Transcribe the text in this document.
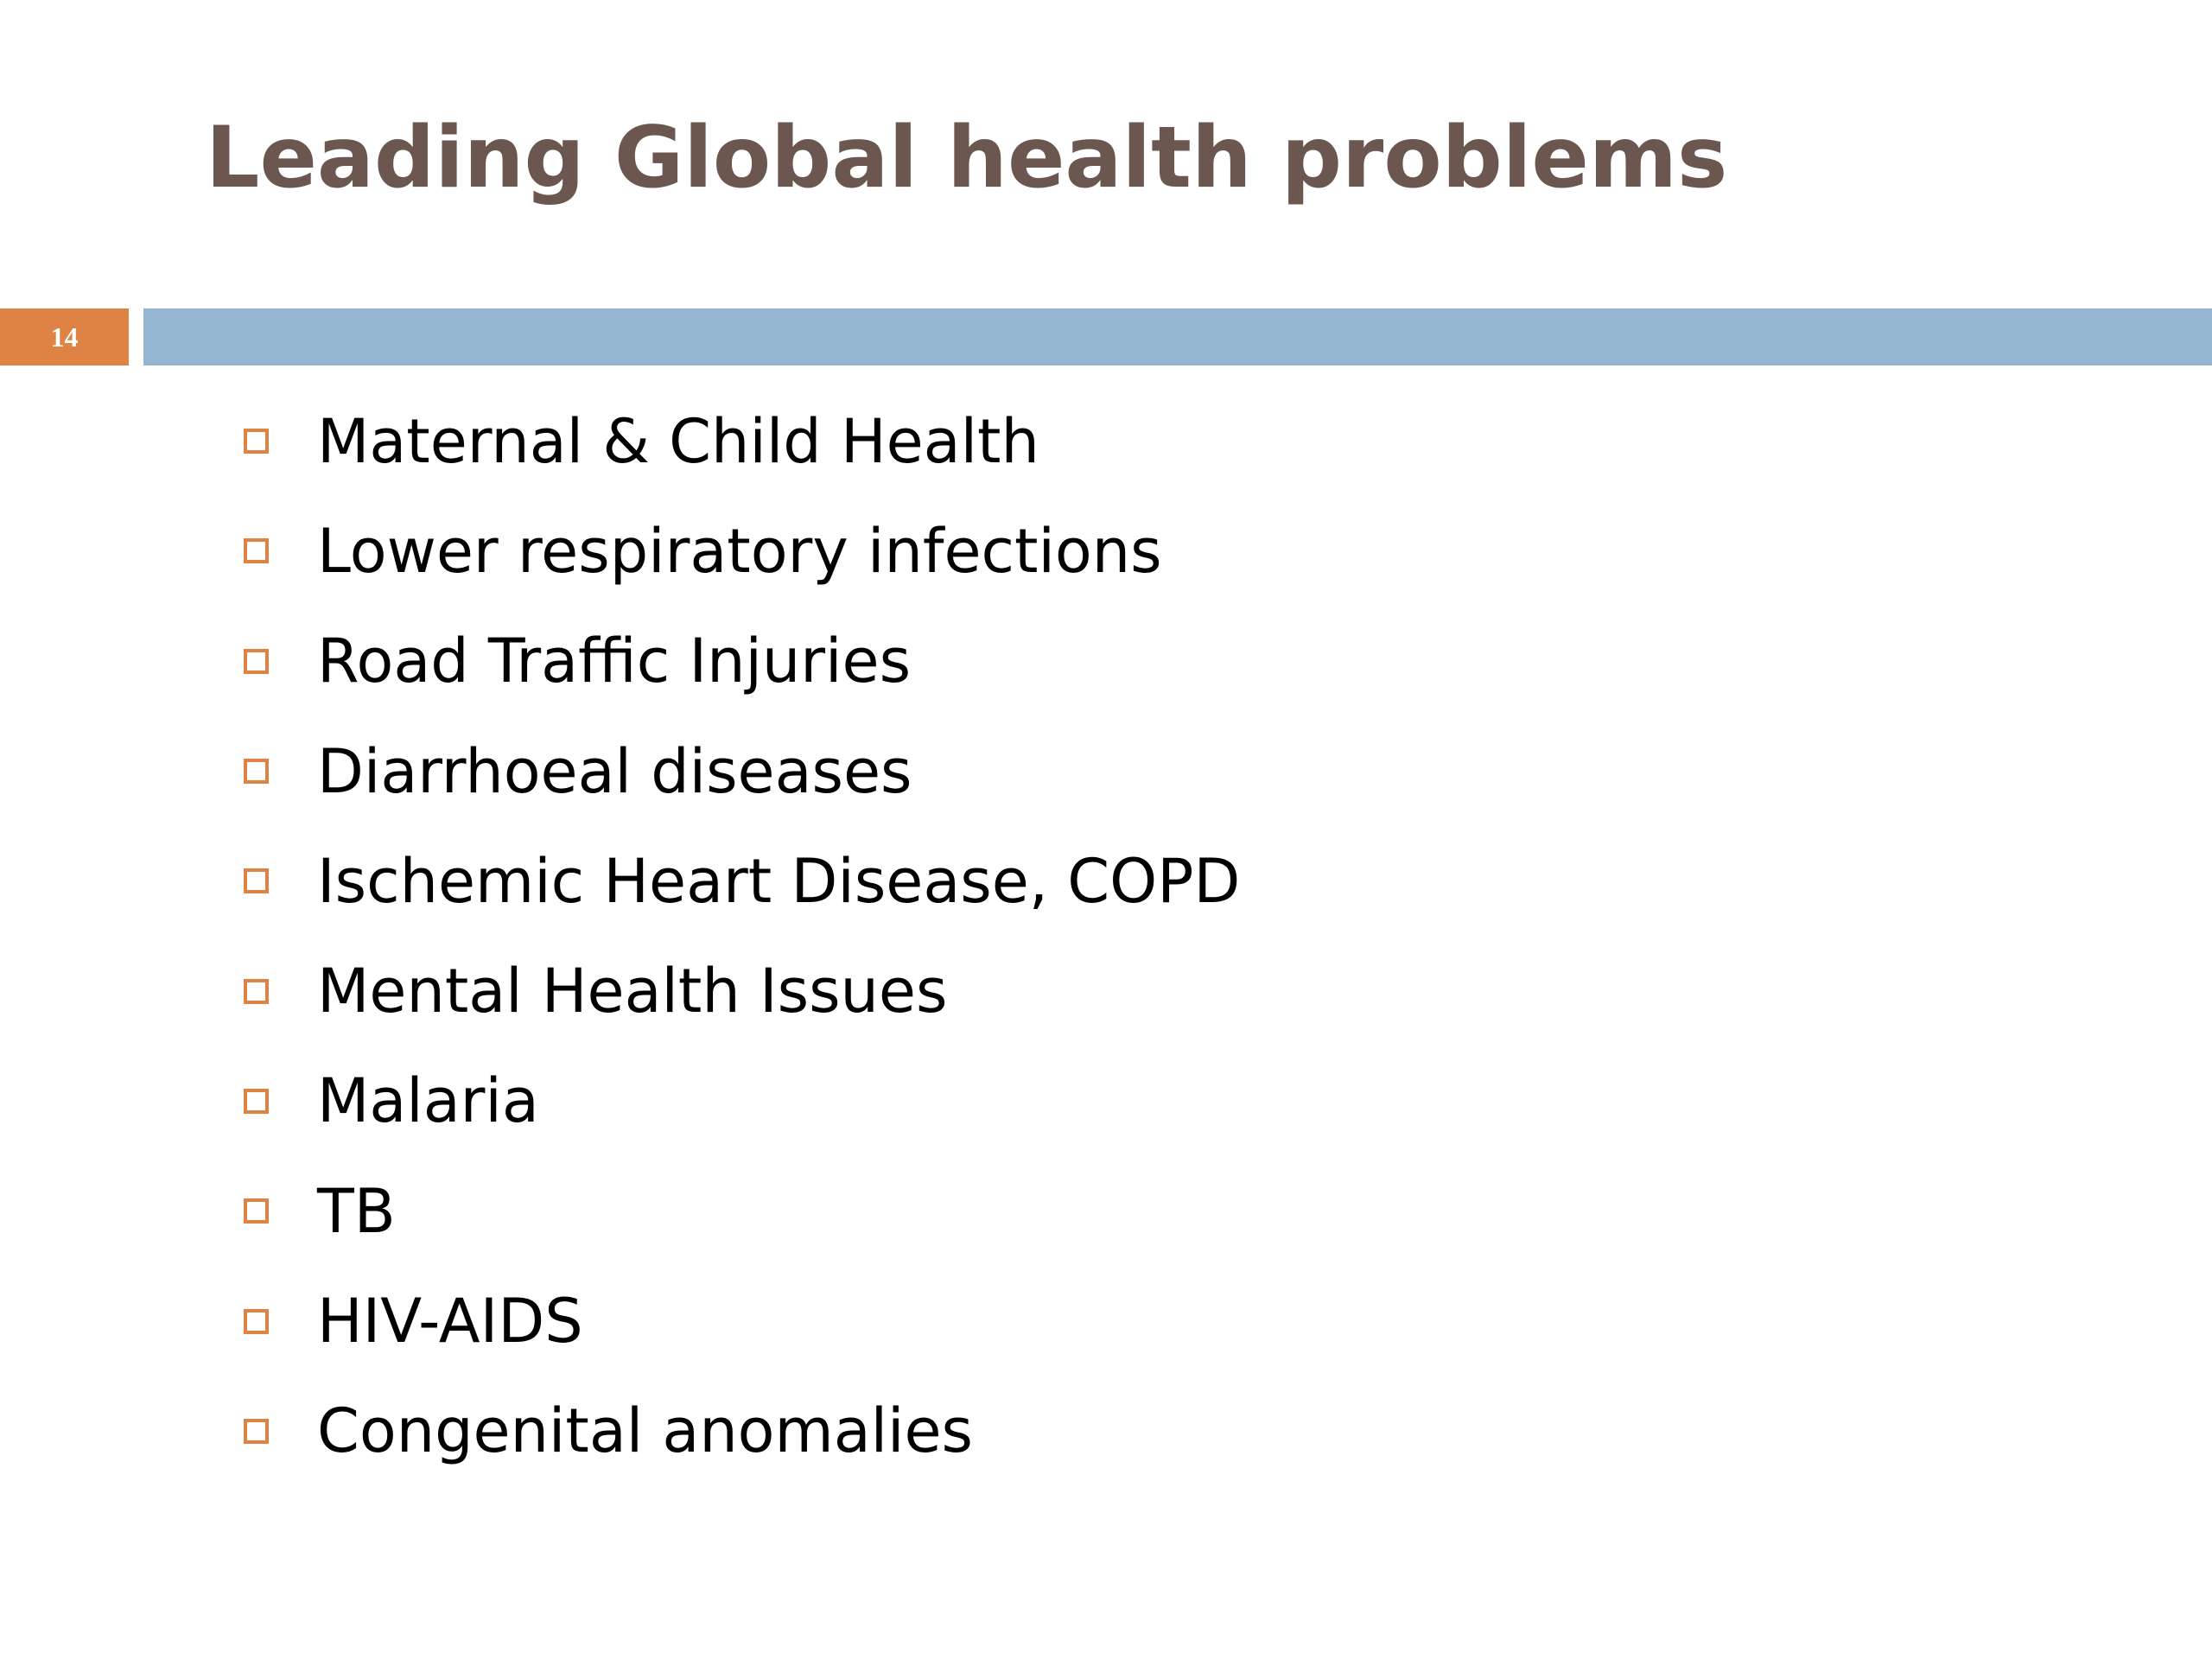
Leading Global health problems
14
Maternal & Child Health
Lower respiratory infections
Road Traffic Injuries
Diarrhoeal diseases
Ischemic Heart Disease, COPD
Mental Health Issues
Malaria
TB
HIV-AIDS
Congenital anomalies
